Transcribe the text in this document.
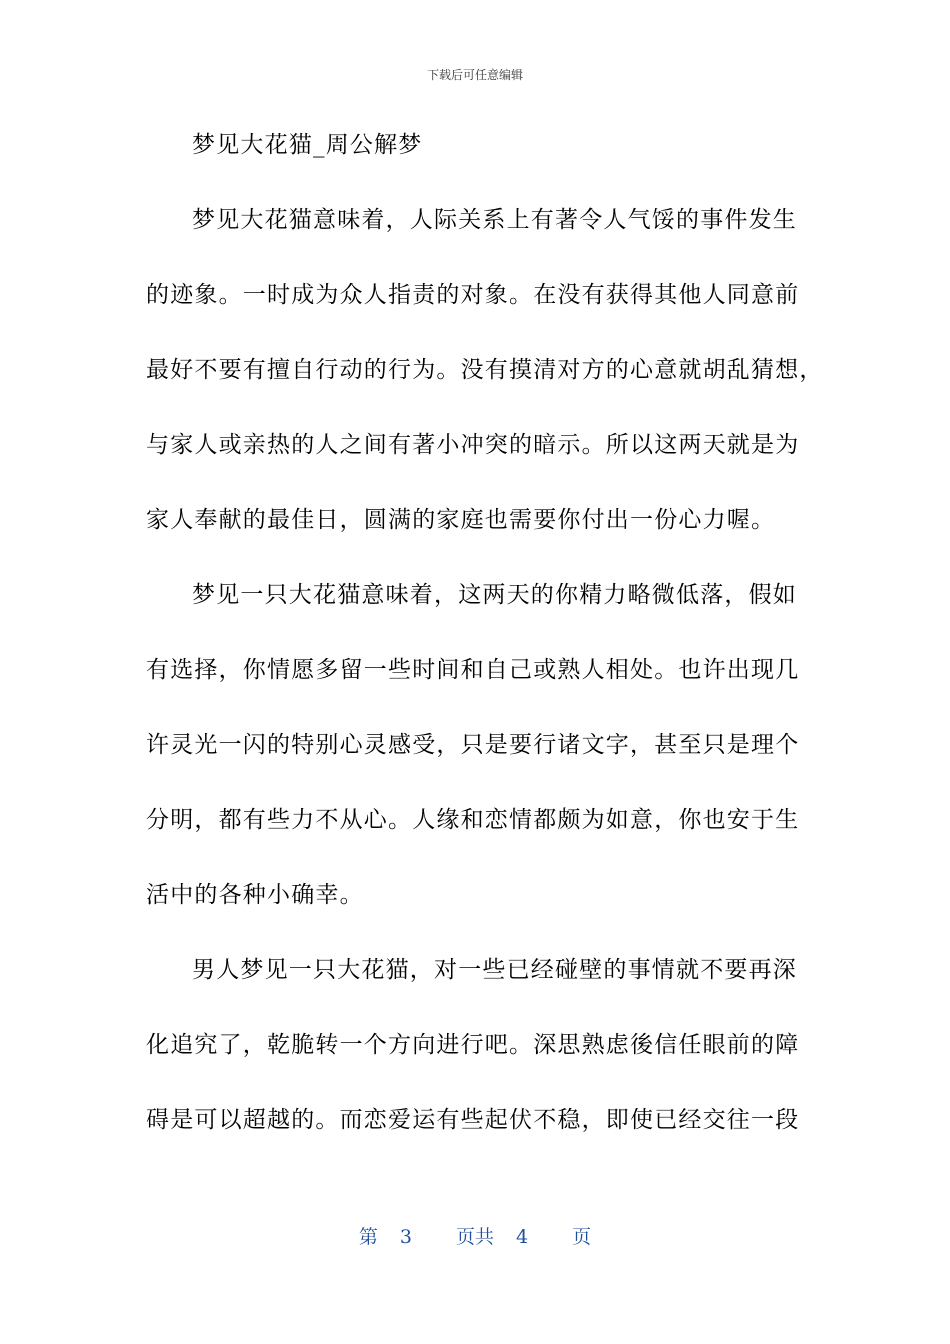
下载后可任意编辑
梦见大花猫_周公解梦
梦见大花猫意味着，人际关系上有著令人气馁的事件发生
的迹象。一时成为众人指责的对象。在没有获得其他人同意前
最好不要有擅自行动的行为。没有摸清对方的心意就胡乱猜想，
与家人或亲热的人之间有著小冲突的暗示。所以这两天就是为
家人奉献的最佳日，圆满的家庭也需要你付出一份心力喔。
梦见一只大花猫意味着，这两天的你精力略微低落，假如
有选择，你情愿多留一些时间和自己或熟人相处。也许出现几
许灵光一闪的特别心灵感受，只是要行诸文字，甚至只是理个
分明，都有些力不从心。人缘和恋情都颇为如意，你也安于生
活中的各种小确幸。
男人梦见一只大花猫，对一些已经碰壁的事情就不要再深
化追究了，乾脆转一个方向进行吧。深思熟虑後信任眼前的障
碍是可以超越的。而恋爱运有些起伏不稳，即使已经交往一段
第 3 页共 4 页
